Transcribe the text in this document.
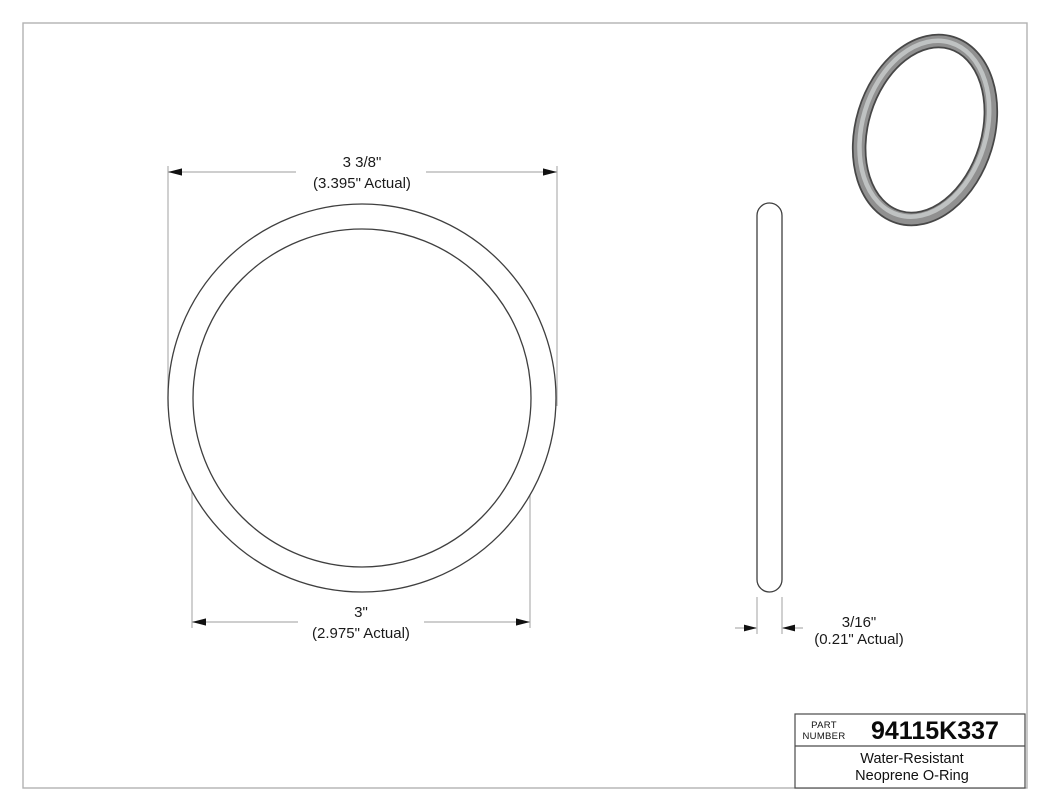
3 3/8"
(3.395" Actual)
3"
(2.975" Actual)
3/16"
(0.21" Actual)
PART
NUMBER 94115K337
Water-Resistant
Neoprene O-Ring
